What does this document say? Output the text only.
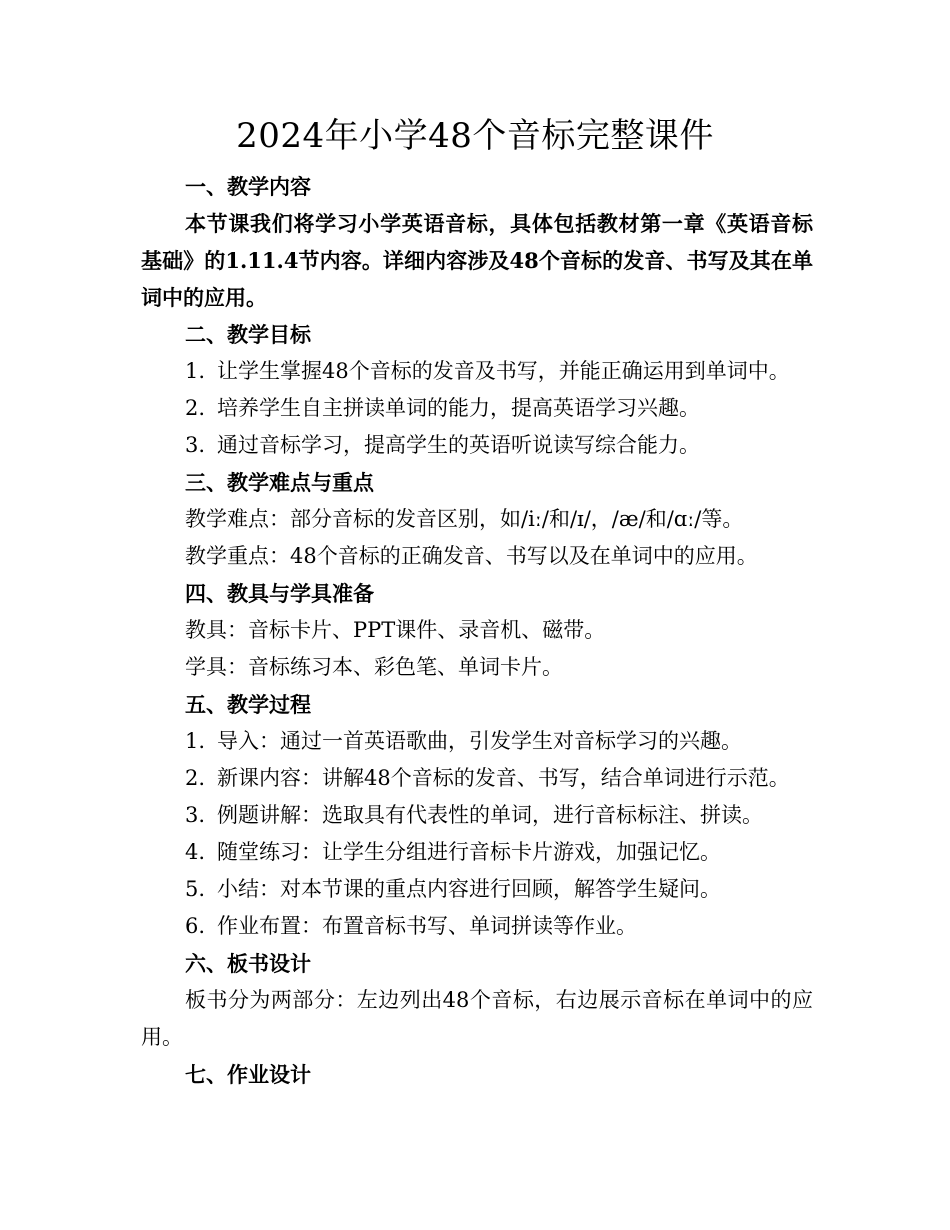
2024年小学48个音标完整课件

一、教学内容

本节课我们将学习小学英语音标，具体包括教材第一章《英语音标基础》的1.11.4节内容。详细内容涉及48个音标的发音、书写及其在单词中的应用。

二、教学目标

1. 让学生掌握48个音标的发音及书写，并能正确运用到单词中。

2. 培养学生自主拼读单词的能力，提高英语学习兴趣。

3. 通过音标学习，提高学生的英语听说读写综合能力。

三、教学难点与重点

教学难点：部分音标的发音区别，如/iː/和/ɪ/，/æ/和/ɑː/等。

教学重点：48个音标的正确发音、书写以及在单词中的应用。

四、教具与学具准备

教具：音标卡片、PPT课件、录音机、磁带。

学具：音标练习本、彩色笔、单词卡片。

五、教学过程

1. 导入：通过一首英语歌曲，引发学生对音标学习的兴趣。

2. 新课内容：讲解48个音标的发音、书写，结合单词进行示范。

3. 例题讲解：选取具有代表性的单词，进行音标标注、拼读。

4. 随堂练习：让学生分组进行音标卡片游戏，加强记忆。

5. 小结：对本节课的重点内容进行回顾，解答学生疑问。

6. 作业布置：布置音标书写、单词拼读等作业。

六、板书设计

板书分为两部分：左边列出48个音标，右边展示音标在单词中的应用。

七、作业设计
